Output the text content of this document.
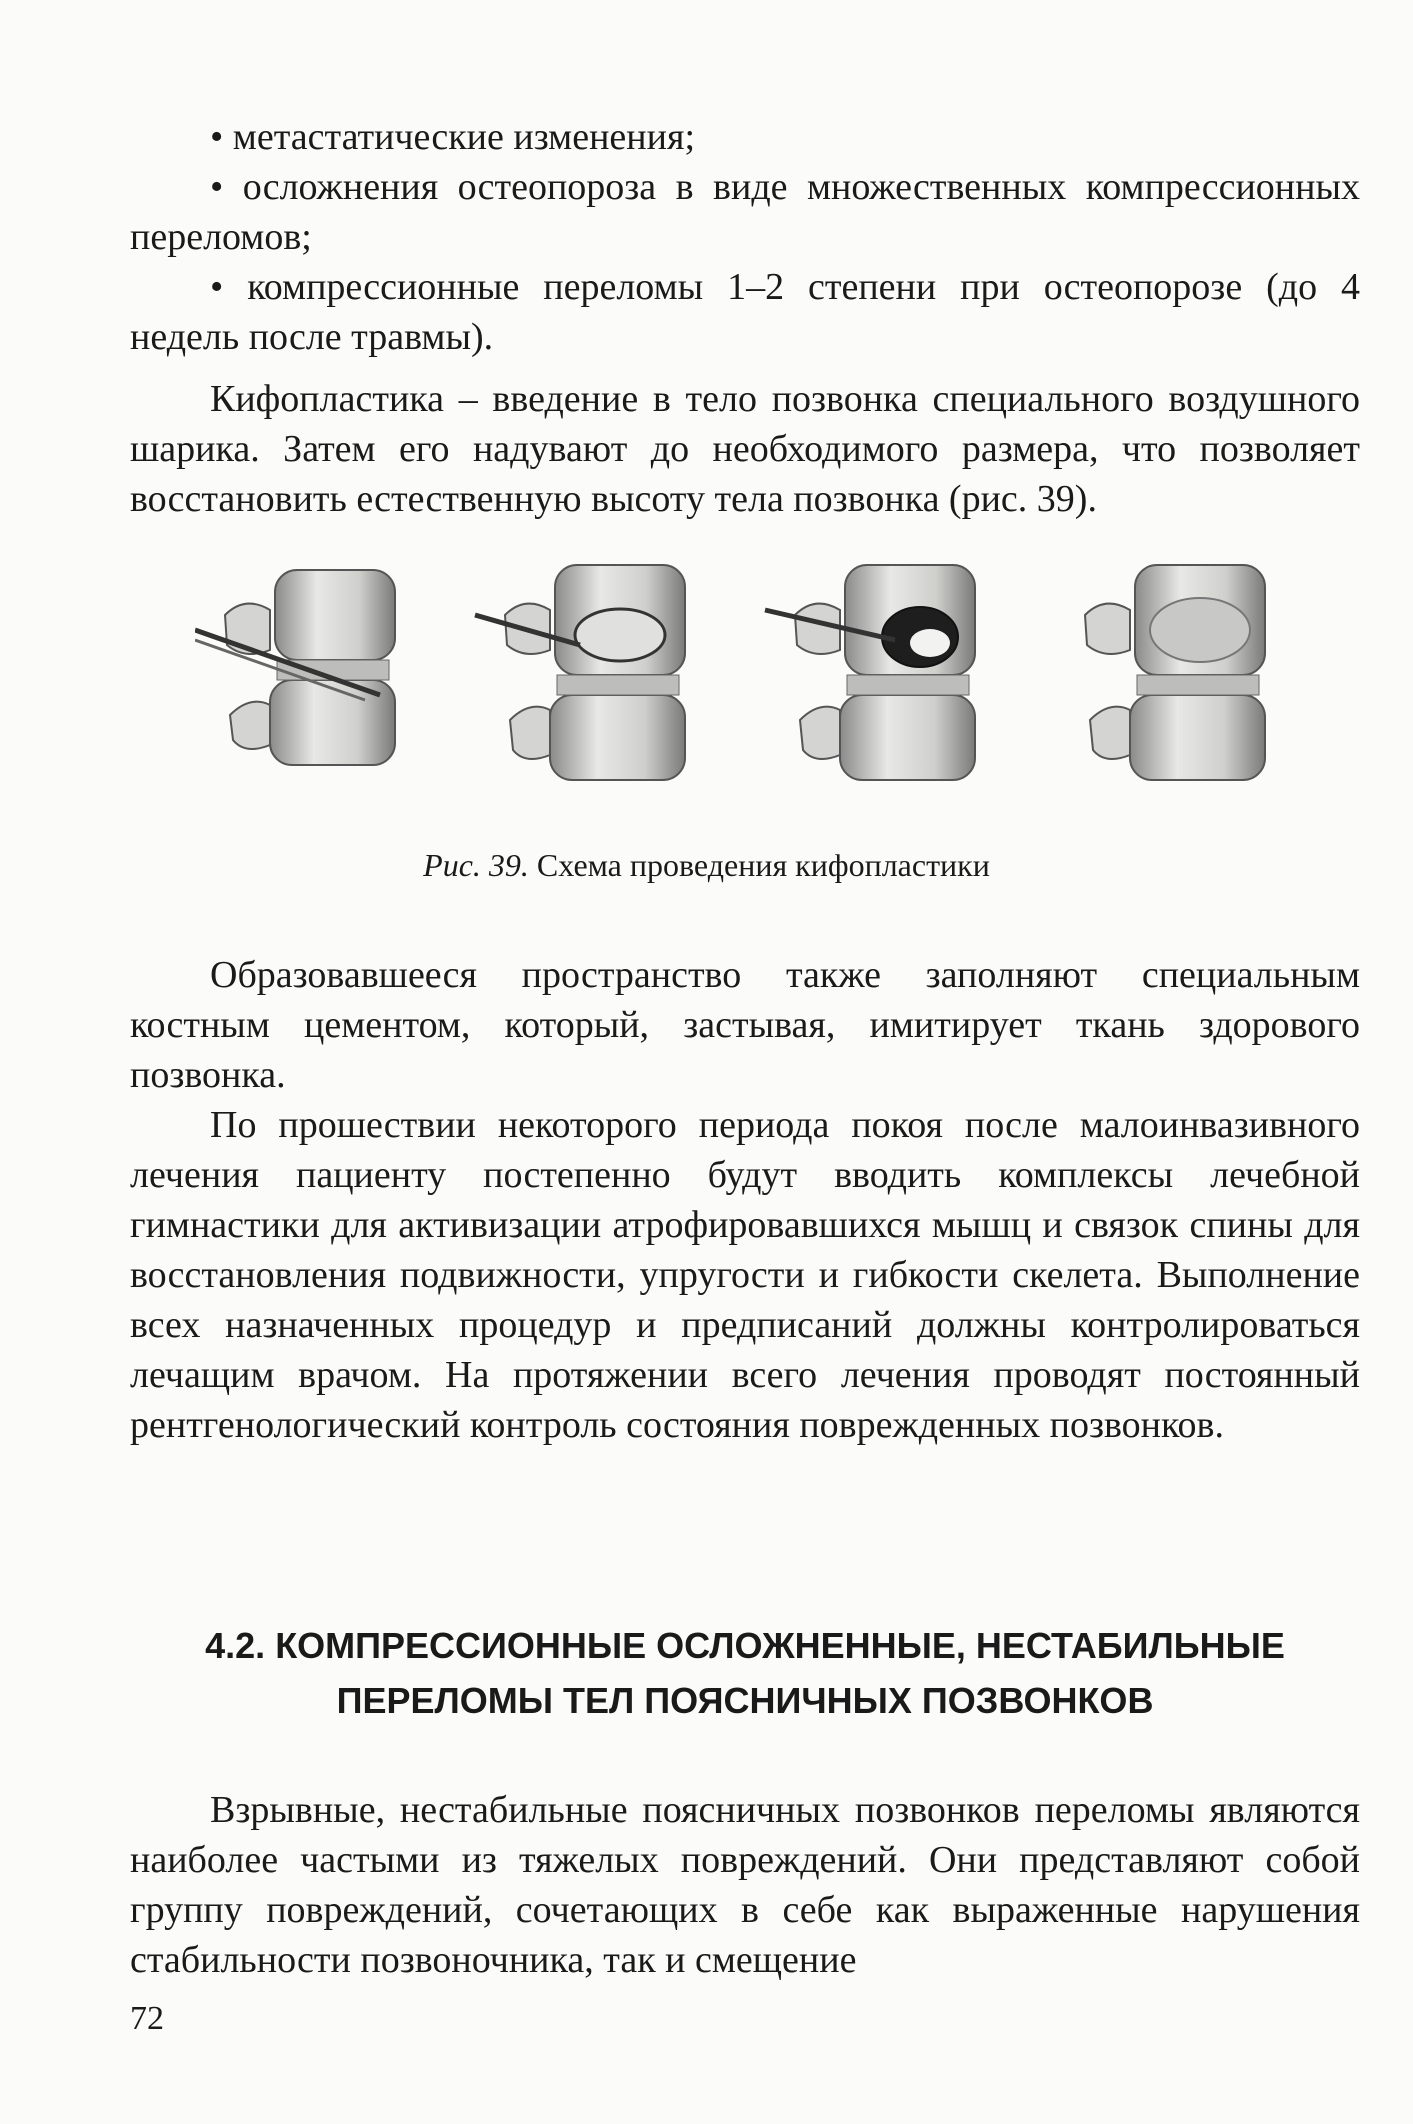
• метастатические изменения;

• осложнения остеопороза в виде множественных компрессионных переломов;

• компрессионные переломы 1–2 степени при остеопорозе (до 4 недель после травмы).

Кифопластика – введение в тело позвонка специального воздушного шарика. Затем его надувают до необходимого размера, что позволяет восстановить естественную высоту тела позвонка (рис. 39).

Рис. 39. Схема проведения кифопластики

Образовавшееся пространство также заполняют специальным костным цементом, который, застывая, имитирует ткань здорового позвонка.

По прошествии некоторого периода покоя после малоинвазивного лечения пациенту постепенно будут вводить комплексы лечебной гимнастики для активизации атрофировавшихся мышц и связок спины для восстановления подвижности, упругости и гибкости скелета. Выполнение всех назначенных процедур и предписаний должны контролироваться лечащим врачом. На протяжении всего лечения проводят постоянный рентгенологический контроль состояния поврежденных позвонков.

4.2. КОМПРЕССИОННЫЕ ОСЛОЖНЕННЫЕ, НЕСТАБИЛЬНЫЕ
ПЕРЕЛОМЫ ТЕЛ ПОЯСНИЧНЫХ ПОЗВОНКОВ

Взрывные, нестабильные поясничных позвонков переломы являются наиболее частыми из тяжелых повреждений. Они представляют собой группу повреждений, сочетающих в себе как выраженные нарушения стабильности позвоночника, так и смещение

72
